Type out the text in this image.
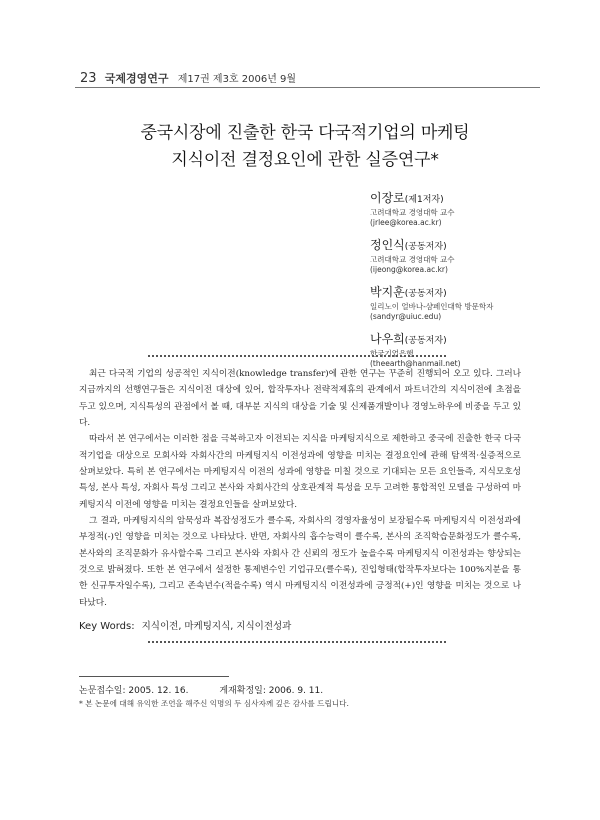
23 국제경영연구 제17권 제3호 2006년 9월
중국시장에 진출한 한국 다국적기업의 마케팅
지식이전 결정요인에 관한 실증연구*
이장로(제1저자)
고려대학교 경영대학 교수
(jrlee@korea.ac.kr)
정인식(공동저자)
고려대학교 경영대학 교수
(ijeong@korea.ac.kr)
박지훈(공동저자)
일리노이 얼바나-샴페인대학 방문학자
(sandyr@uiuc.edu)
나우희(공동저자)
한국기업은행
(theearth@hanmail.net)

최근 다국적 기업의 성공적인 지식이전(knowledge transfer)에 관한 연구는 꾸준히 진행되어 오고 있다. 그러나 지금까지의 선행연구들은 지식이전 대상에 있어, 합작투자나 전략적제휴의 관계에서 파트너간의 지식이전에 초점을 두고 있으며, 지식특성의 관점에서 볼 때, 대부분 지식의 대상을 기술 및 신제품개발이나 경영노하우에 비중을 두고 있다.

따라서 본 연구에서는 이러한 점을 극복하고자 이전되는 지식을 마케팅지식으로 제한하고 중국에 진출한 한국 다국적기업을 대상으로 모회사와 자회사간의 마케팅지식 이전성과에 영향을 미치는 결정요인에 관해 탐색적·실증적으로 살펴보았다. 특히 본 연구에서는 마케팅지식 이전의 성과에 영향을 미칠 것으로 기대되는 모든 요인들즉, 지식모호성 특성, 본사 특성, 자회사 특성 그리고 본사와 자회사간의 상호관계적 특성을 모두 고려한 통합적인 모델을 구성하여 마케팅지식 이전에 영향을 미치는 결정요인들을 살펴보았다.

그 결과, 마케팅지식의 암묵성과 복잡성정도가 클수록, 자회사의 경영자율성이 보장될수록 마케팅지식 이전성과에 부정적(-)인 영향을 미치는 것으로 나타났다. 반면, 자회사의 흡수능력이 클수록, 본사의 조직학습문화정도가 클수록, 본사와의 조직문화가 유사할수록 그리고 본사와 자회사 간 신뢰의 정도가 높을수록 마케팅지식 이전성과는 향상되는 것으로 밝혀졌다. 또한 본 연구에서 설정한 통제변수인 기업규모(클수록), 진입형태(합작투자보다는 100%지분을 통한 신규투자일수록), 그리고 존속년수(적을수록) 역시 마케팅지식 이전성과에 긍정적(+)인 영향을 미치는 것으로 나타났다.

Key Words: 지식이전, 마케팅지식, 지식이전성과
논문접수일: 2005. 12. 16.	게재확정일: 2006. 9. 11.
* 본 논문에 대해 유익한 조언을 해주신 익명의 두 심사자께 깊은 감사를 드립니다.
